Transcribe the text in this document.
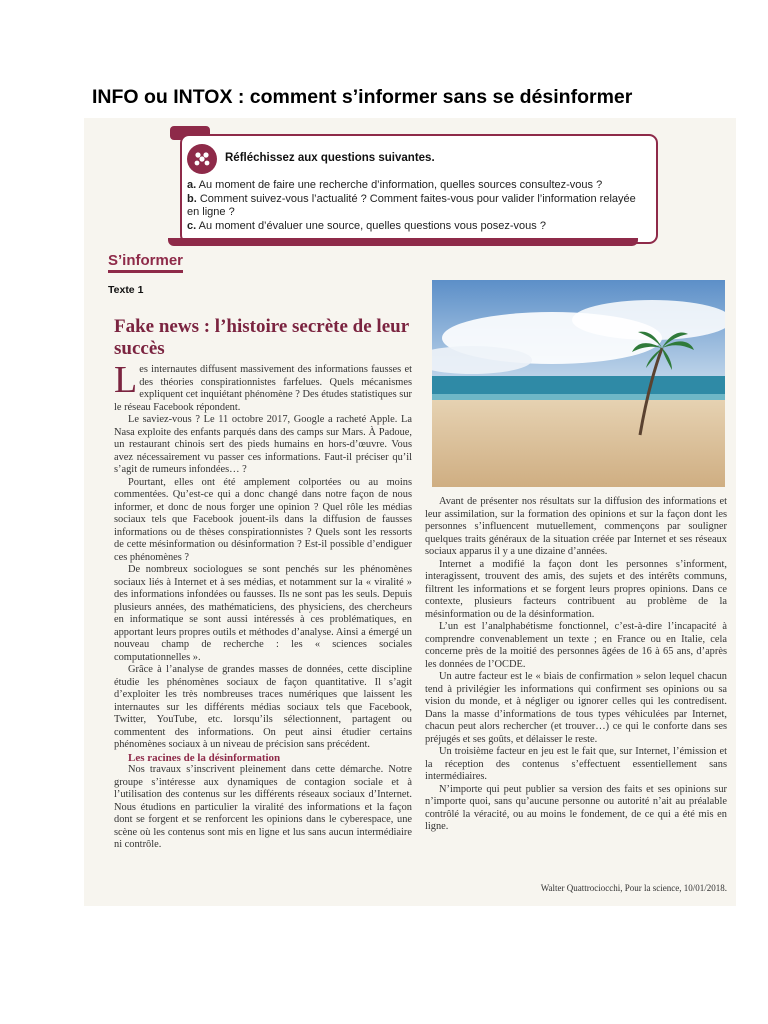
INFO ou INTOX : comment s’informer sans se désinformer
Réfléchissez aux questions suivantes.

a. Au moment de faire une recherche d’information, quelles sources consultez-vous ?

b. Comment suivez-vous l’actualité ? Comment faites-vous pour valider l’information relayée en ligne ?

c. Au moment d’évaluer une source, quelles questions vous posez-vous ?

S’informer
Texte 1
Fake news : l’histoire secrète de leur succès

Les internautes diffusent massivement des informations fausses et des théories conspirationnistes farfelues. Quels mécanismes expliquent cet inquiétant phénomène ? Des études statistiques sur le réseau Facebook répondent.

Le saviez-vous ? Le 11 octobre 2017, Google a racheté Apple. La Nasa exploite des enfants parqués dans des camps sur Mars. À Padoue, un restaurant chinois sert des pieds humains en hors-d’œuvre. Vous avez nécessairement vu passer ces informations. Faut-il préciser qu’il s’agit de rumeurs infondées… ?

Pourtant, elles ont été amplement colportées ou au moins commentées. Qu’est-ce qui a donc changé dans notre façon de nous informer, et donc de nous forger une opinion ? Quel rôle les médias sociaux tels que Facebook jouent-ils dans la diffusion de fausses informations ou de thèses conspirationnistes ? Quels sont les ressorts de cette mésinformation ou désinformation ? Est-il possible d’endiguer ces phénomènes ?

De nombreux sociologues se sont penchés sur les phénomènes sociaux liés à Internet et à ses médias, et notamment sur la « viralité » des informations infondées ou fausses. Ils ne sont pas les seuls. Depuis plusieurs années, des mathématiciens, des physiciens, des chercheurs en informatique se sont aussi intéressés à ces problématiques, en apportant leurs propres outils et méthodes d’analyse. Ainsi a émergé un nouveau champ de recherche : les « sciences sociales computationnelles ».

Grâce à l’analyse de grandes masses de données, cette discipline étudie les phénomènes sociaux de façon quantitative. Il s’agit d’exploiter les très nombreuses traces numériques que laissent les internautes sur les différents médias sociaux tels que Facebook, Twitter, YouTube, etc. lorsqu’ils sélectionnent, partagent ou commentent des informations. On peut ainsi étudier certains phénomènes sociaux à un niveau de précision sans précédent.

Les racines de la désinformation

Nos travaux s’inscrivent pleinement dans cette démarche. Notre groupe s’intéresse aux dynamiques de contagion sociale et à l’utilisation des contenus sur les différents réseaux sociaux d’Internet. Nous étudions en particulier la viralité des informations et la façon dont se forgent et se renforcent les opinions dans le cyberespace, une scène où les contenus sont mis en ligne et lus sans aucun intermédiaire ni contrôle.

Avant de présenter nos résultats sur la diffusion des informations et leur assimilation, sur la formation des opinions et sur la façon dont les personnes s’influencent mutuellement, commençons par souligner quelques traits généraux de la situation créée par Internet et ses réseaux sociaux apparus il y a une dizaine d’années.

Internet a modifié la façon dont les personnes s’informent, interagissent, trouvent des amis, des sujets et des intérêts communs, filtrent les informations et se forgent leurs propres opinions. Dans ce contexte, plusieurs facteurs contribuent au problème de la mésinformation ou de la désinformation.

L’un est l’analphabétisme fonctionnel, c’est-à-dire l’incapacité à comprendre convenablement un texte ; en France ou en Italie, cela concerne près de la moitié des personnes âgées de 16 à 65 ans, d’après les données de l’OCDE.

Un autre facteur est le « biais de confirmation » selon lequel chacun tend à privilégier les informations qui confirment ses opinions ou sa vision du monde, et à négliger ou ignorer celles qui les contredisent. Dans la masse d’informations de tous types véhiculées par Internet, chacun peut alors rechercher (et trouver…) ce qui le conforte dans ses préjugés et ses goûts, et délaisser le reste.

Un troisième facteur en jeu est le fait que, sur Internet, l’émission et la réception des contenus s’effectuent essentiellement sans intermédiaires.

N’importe qui peut publier sa version des faits et ses opinions sur n’importe quoi, sans qu’aucune personne ou autorité n’ait au préalable contrôlé la véracité, ou au moins le fondement, de ce qui a été mis en ligne.

Walter Quattrociocchi, Pour la science, 10/01/2018.
